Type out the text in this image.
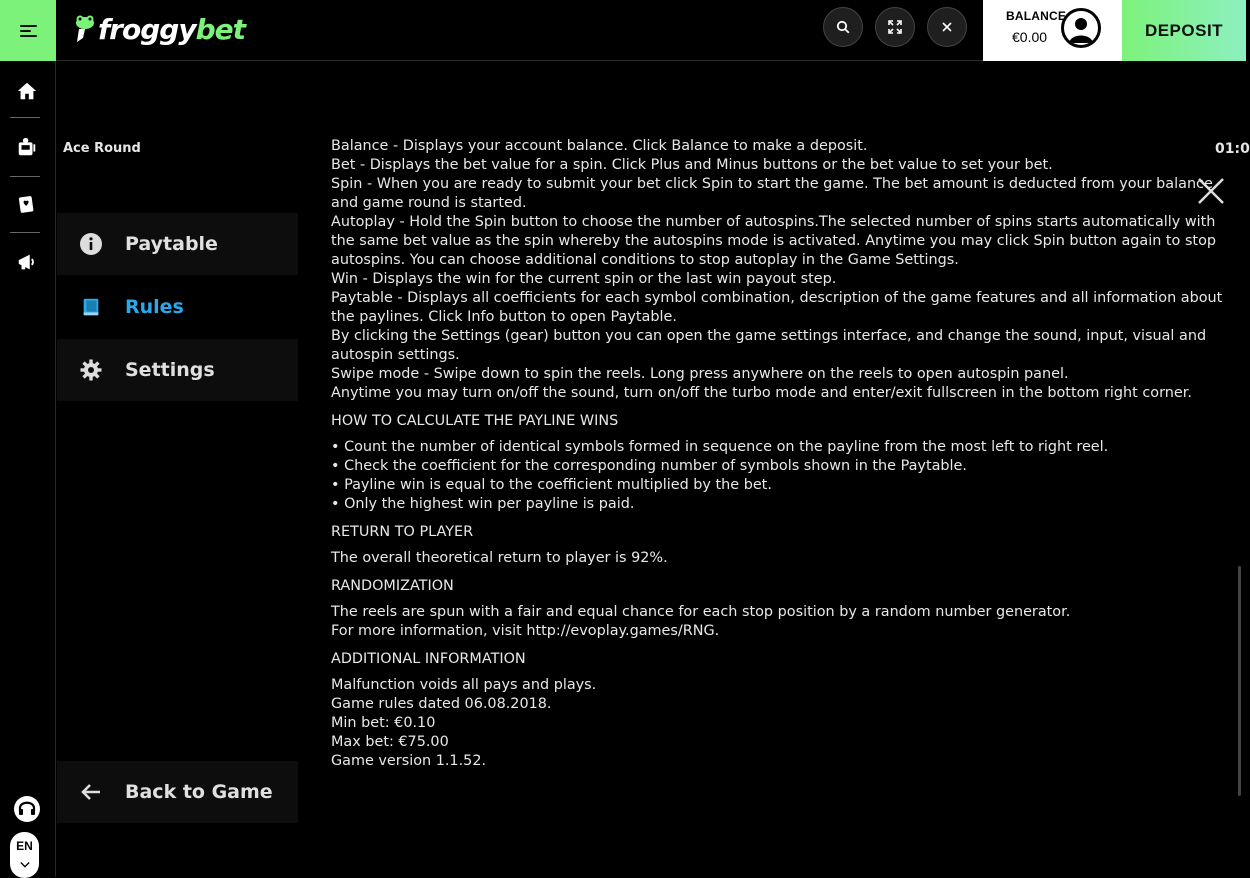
froggybet	BALANCE
€0.00	DEPOSIT
EN
Ace Round	01:0
Paytable
Rules
Settings
Back to Game

Balance - Displays your account balance. Click Balance to make a deposit.

Bet - Displays the bet value for a spin. Click Plus and Minus buttons or the bet value to set your bet.

Spin - When you are ready to submit your bet click Spin to start the game. The bet amount is deducted from your balance and game round is started.

Autoplay - Hold the Spin button to choose the number of autospins.The selected number of spins starts automatically with the same bet value as the spin whereby the autospins mode is activated. Anytime you may click Spin button again to stop autospins. You can choose additional conditions to stop autoplay in the Game Settings.

Win - Displays the win for the current spin or the last win payout step.

Paytable - Displays all coefficients for each symbol combination, description of the game features and all information about the paylines. Click Info button to open Paytable.

By clicking the Settings (gear) button you can open the game settings interface, and change the sound, input, visual and autospin settings.

Swipe mode - Swipe down to spin the reels. Long press anywhere on the reels to open autospin panel.

Anytime you may turn on/off the sound, turn on/off the turbo mode and enter/exit fullscreen in the bottom right corner.

HOW TO CALCULATE THE PAYLINE WINS

• Count the number of identical symbols formed in sequence on the payline from the most left to right reel.

• Check the coefficient for the corresponding number of symbols shown in the Paytable.

• Payline win is equal to the coefficient multiplied by the bet.

• Only the highest win per payline is paid.

RETURN TO PLAYER

The overall theoretical return to player is 92%.

RANDOMIZATION

The reels are spun with a fair and equal chance for each stop position by a random number generator.

For more information, visit http://evoplay.games/RNG.

ADDITIONAL INFORMATION

Malfunction voids all pays and plays.

Game rules dated 06.08.2018.

Min bet: €0.10

Max bet: €75.00

Game version 1.1.52.
